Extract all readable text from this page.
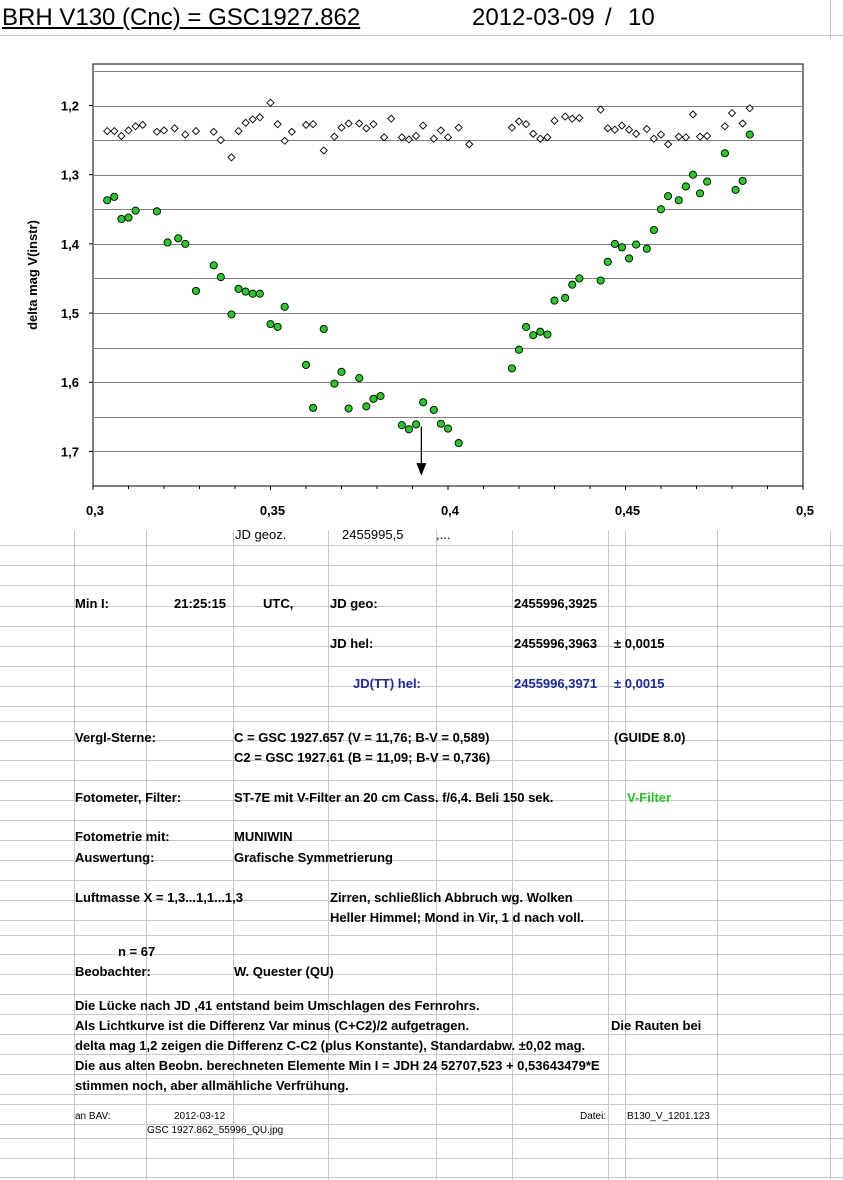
BRH V130 (Cnc) = GSC1927.862	2012-03-09 / 10
1,2
1,3
1,4
1,5
1,6
1,7
0,3	0,35	0,4	0,45	0,5
delta mag V(instr)
JD geoz.	2455995,5	,...
Min I:	21:25:15	UTC,	JD geo:	2455996,3925
JD hel:	2455996,3963 ± 0,0015
JD(TT) hel:	2455996,3971 ± 0,0015
Vergl-Sterne:	C = GSC 1927.657 (V = 11,76; B-V = 0,589)	(GUIDE 8.0)
C2 = GSC 1927.61 (B = 11,09; B-V = 0,736)
Fotometer, Filter:	ST-7E mit V-Filter an 20 cm Cass. f/6,4. Beli 150 sek.	V-Filter
Fotometrie mit:	MUNIWIN
Auswertung:	Grafische Symmetrierung
Luftmasse X = 1,3...1,1...1,3	Zirren, schließlich Abbruch wg. Wolken
Heller Himmel; Mond in Vir, 1 d nach voll.
n = 67
Beobachter:	W. Quester (QU)
Die Lücke nach JD ,41 entstand beim Umschlagen des Fernrohrs.
Als Lichtkurve ist die Differenz Var minus (C+C2)/2 aufgetragen.	Die Rauten bei
delta mag 1,2 zeigen die Differenz C-C2 (plus Konstante), Standardabw. ±0,02 mag.
Die aus alten Beobn. berechneten Elemente Min I = JDH 24 52707,523 + 0,53643479*E
stimmen noch, aber allmähliche Verfrühung.
an BAV:	2012-03-12
GSC 1927.862_55996_QU.jpg
Datei: B130_V_1201.123
